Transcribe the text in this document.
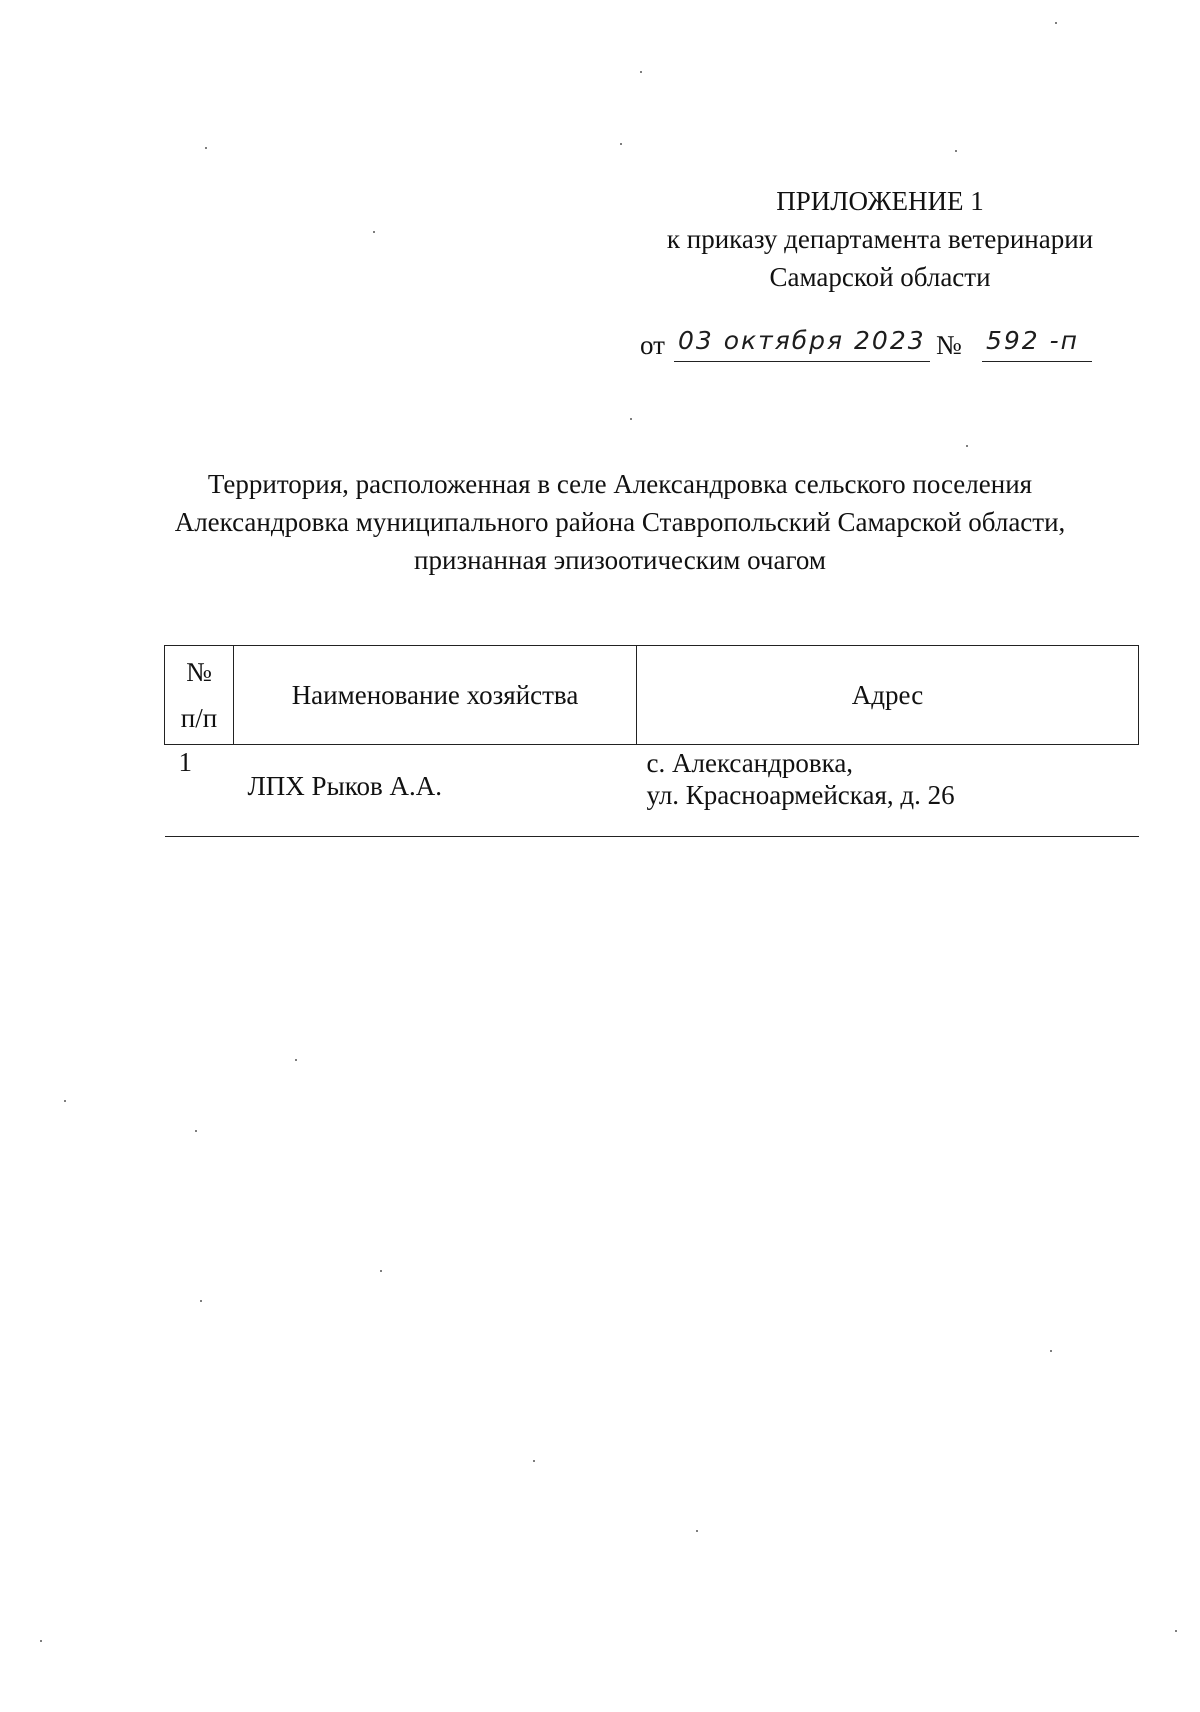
ПРИЛОЖЕНИЕ 1
к приказу департамента ветеринарии
Самарской области
от 03 октября 2023 № 592 -п
Территория, расположенная в селе Александровка сельского поселения
Александровка муниципального района Ставропольский Самарской области,
признанная эпизоотическим очагом
№
п/п	Наименование хозяйства	Адрес
1	ЛПХ Рыков А.А.	с. Александровка,
ул. Красноармейская, д. 26
